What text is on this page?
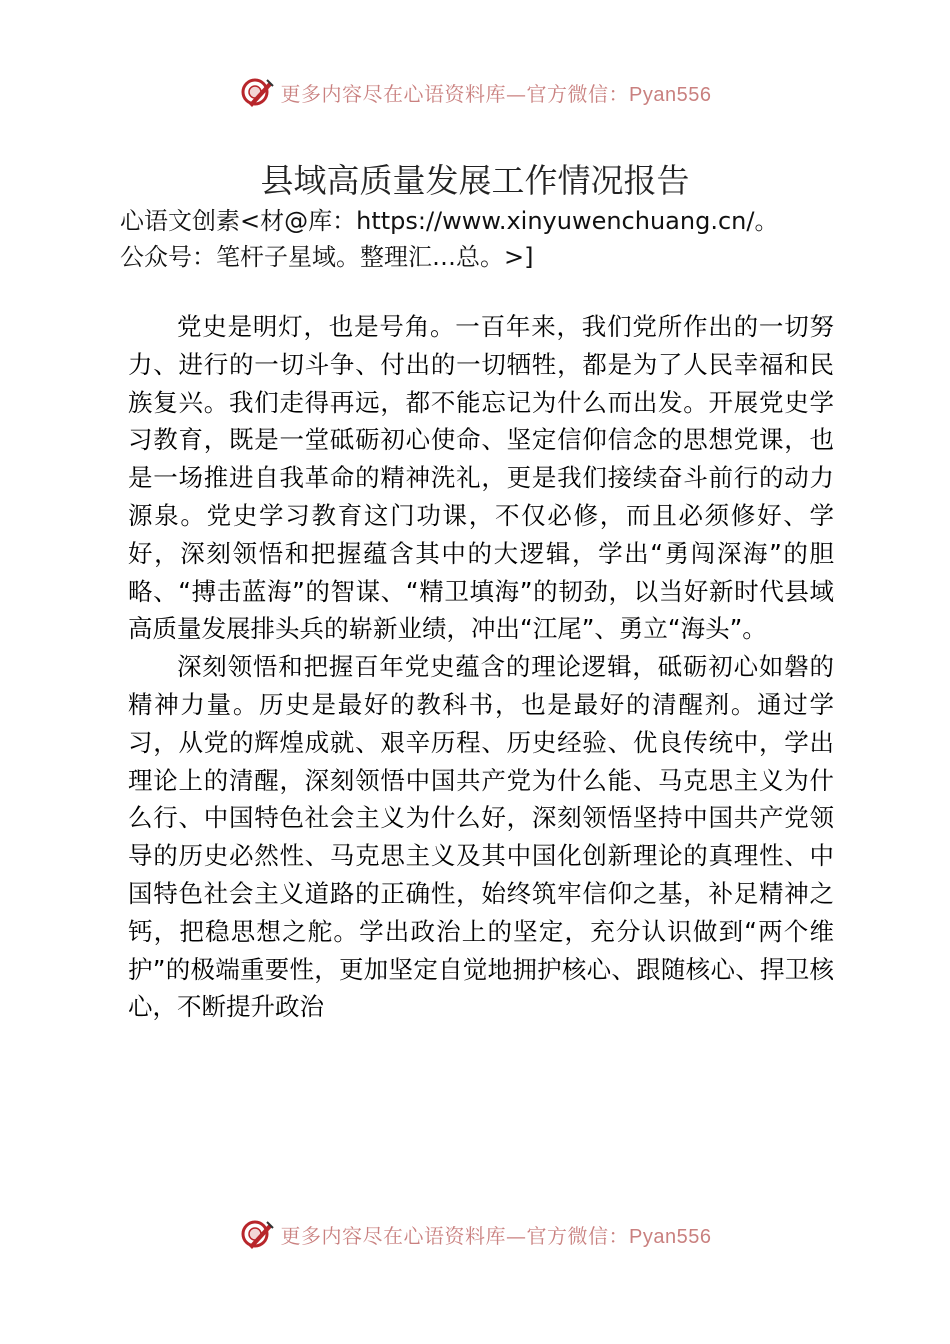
更多内容尽在心语资料库—官方微信：Pyan556
县域高质量发展工作情况报告
心语文创素<材@库：https://www.xinyuwenchuang.cn/。
公众号：笔杆子星域。整理汇…总。>]

党史是明灯，也是号角。一百年来，我们党所作出的一切努力、进行的一切斗争、付出的一切牺牲，都是为了人民幸福和民族复兴。我们走得再远，都不能忘记为什么而出发。开展党史学习教育，既是一堂砥砺初心使命、坚定信仰信念的思想党课，也是一场推进自我革命的精神洗礼，更是我们接续奋斗前行的动力源泉。党史学习教育这门功课，不仅必修，而且必须修好、学好，深刻领悟和把握蕴含其中的大逻辑，学出“勇闯深海”的胆略、“搏击蓝海”的智谋、“精卫填海”的韧劲，以当好新时代县域高质量发展排头兵的崭新业绩，冲出“江尾”、勇立“海头”。

深刻领悟和把握百年党史蕴含的理论逻辑，砥砺初心如磐的精神力量。历史是最好的教科书，也是最好的清醒剂。通过学习，从党的辉煌成就、艰辛历程、历史经验、优良传统中，学出理论上的清醒，深刻领悟中国共产党为什么能、马克思主义为什么行、中国特色社会主义为什么好，深刻领悟坚持中国共产党领导的历史必然性、马克思主义及其中国化创新理论的真理性、中国特色社会主义道路的正确性，始终筑牢信仰之基，补足精神之钙，把稳思想之舵。学出政治上的坚定，充分认识做到“两个维护”的极端重要性，更加坚定自觉地拥护核心、跟随核心、捍卫核心，不断提升政治

更多内容尽在心语资料库—官方微信：Pyan556
